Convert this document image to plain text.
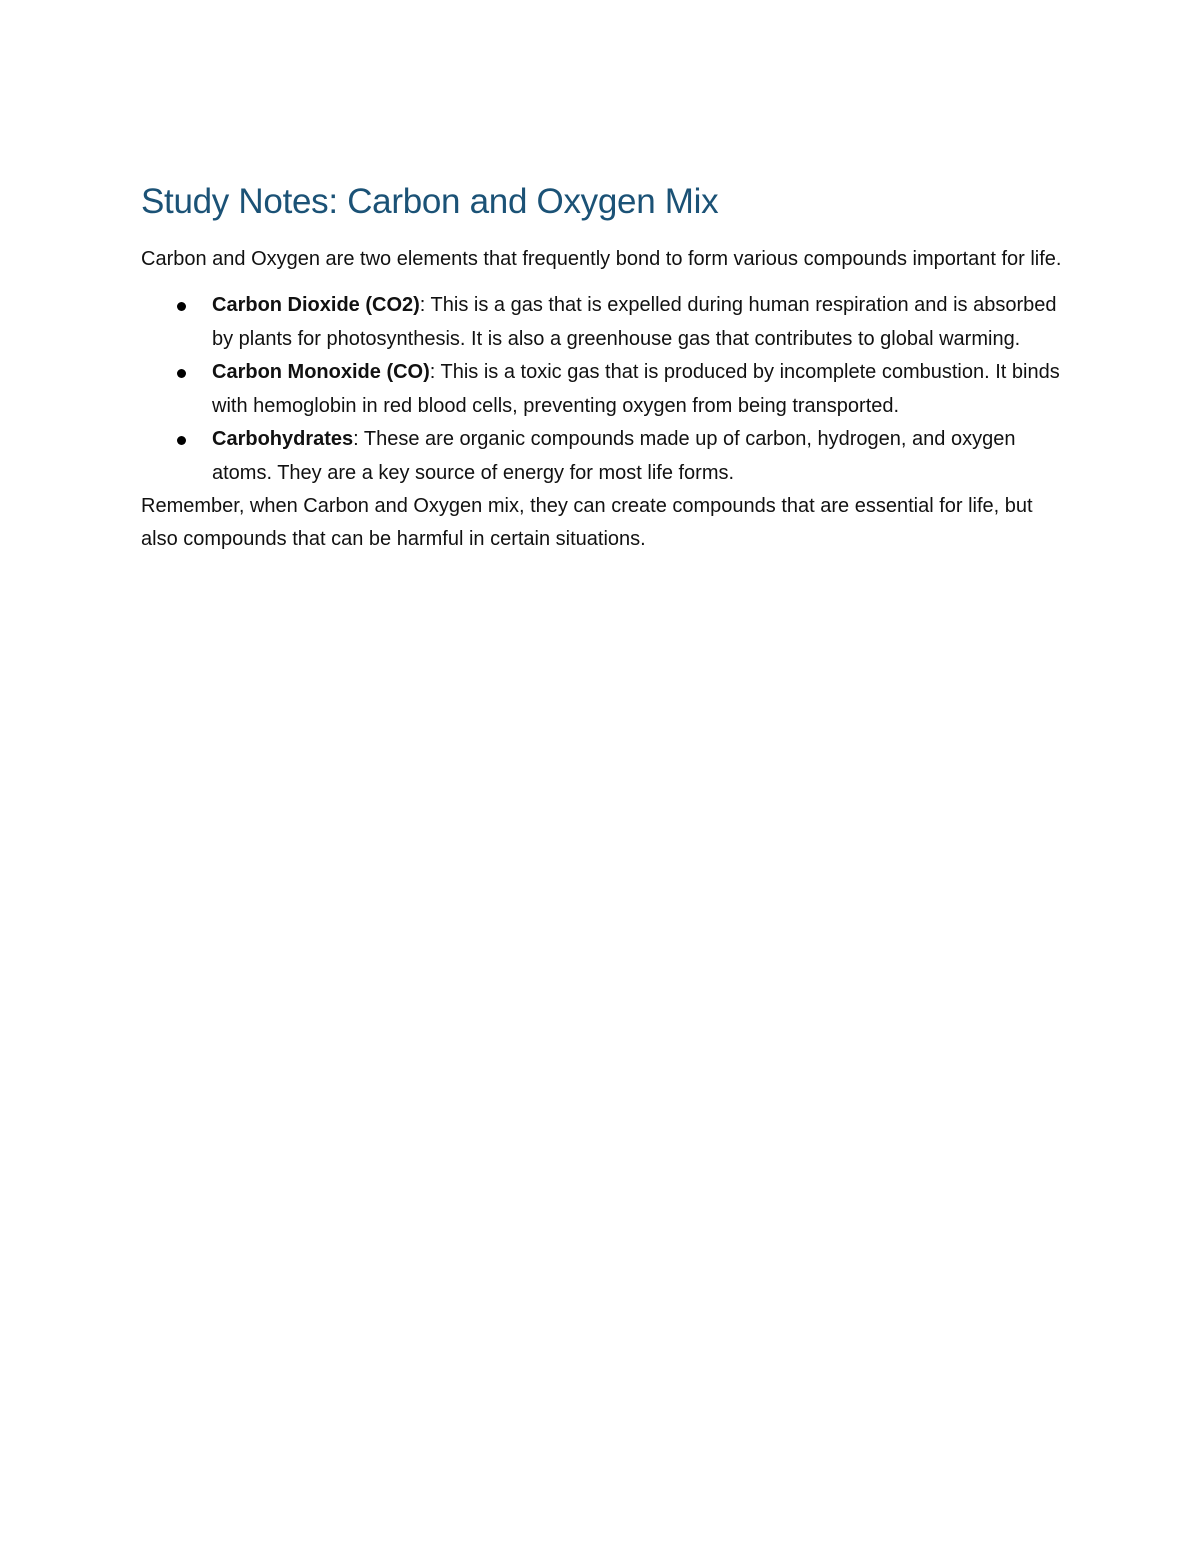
Study Notes: Carbon and Oxygen Mix

Carbon and Oxygen are two elements that frequently bond to form various compounds important for life.

Carbon Dioxide (CO2): This is a gas that is expelled during human respiration and is absorbed by plants for photosynthesis. It is also a greenhouse gas that contributes to global warming.
Carbon Monoxide (CO): This is a toxic gas that is produced by incomplete combustion. It binds with hemoglobin in red blood cells, preventing oxygen from being transported.
Carbohydrates: These are organic compounds made up of carbon, hydrogen, and oxygen atoms. They are a key source of energy for most life forms.

Remember, when Carbon and Oxygen mix, they can create compounds that are essential for life, but also compounds that can be harmful in certain situations.
